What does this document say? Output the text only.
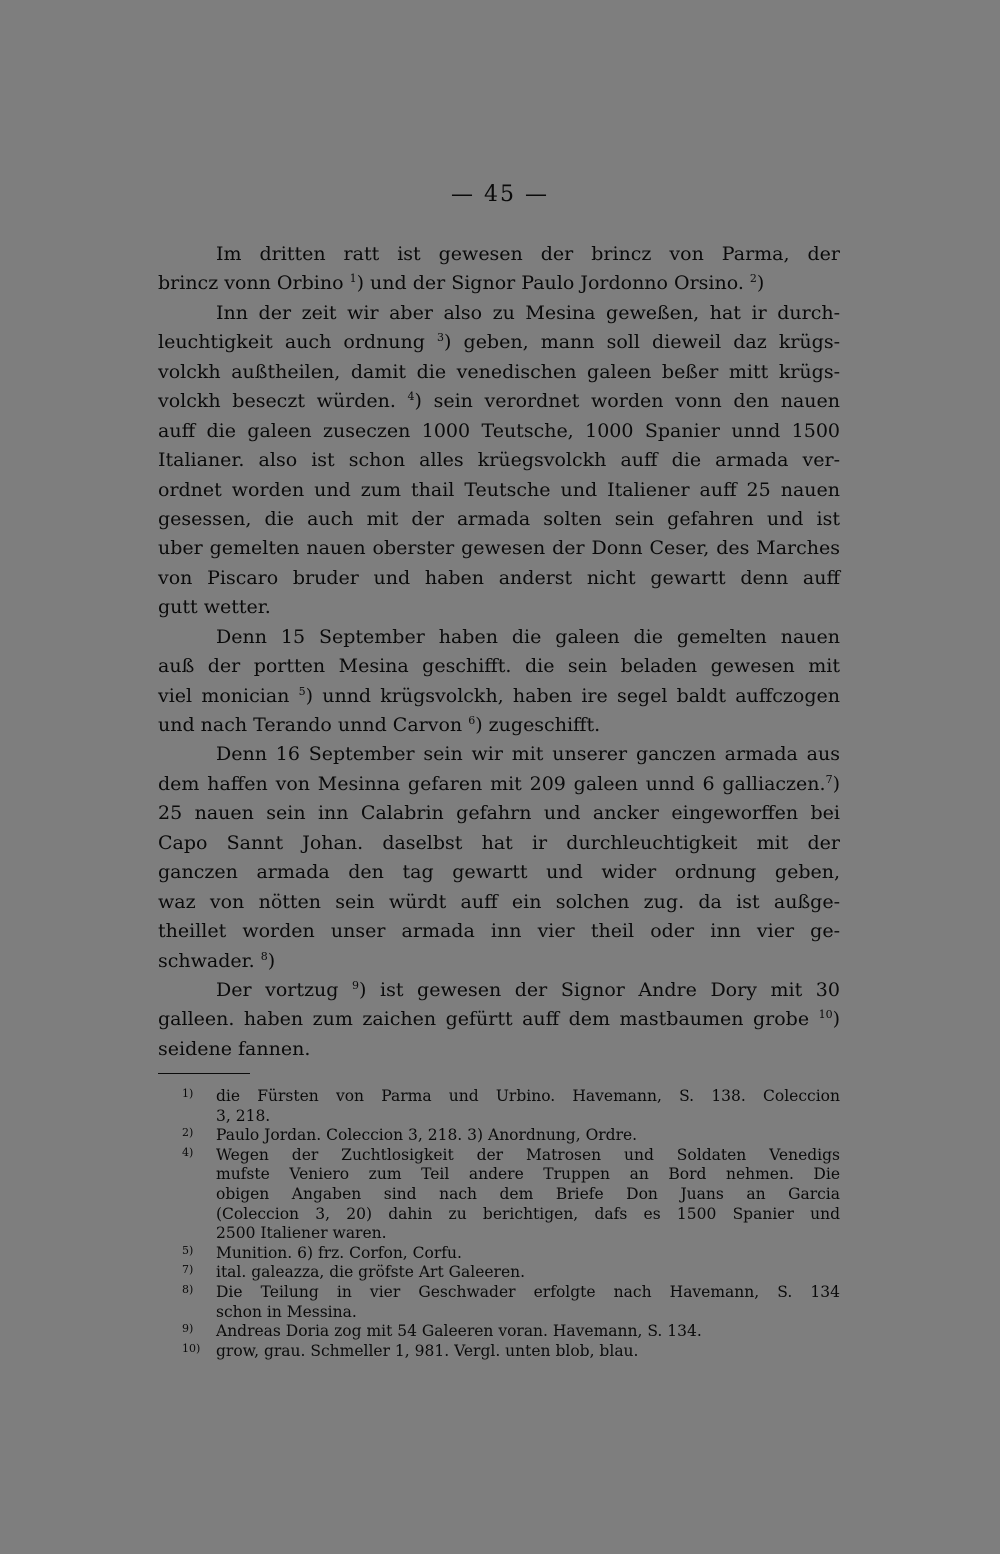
— 45 —
Im dritten ratt ist gewesen der brincz von Parma, der
brincz vonn Orbino $^1$) und der Signor Paulo Jordonno Orsino. $^2$)
Inn der zeit wir aber also zu Mesina geweßen, hat ir durch-
leuchtigkeit auch ordnung $^3$) geben, mann soll dieweil daz krügs-
volckh außtheilen, damit die venedischen galeen beßer mitt krügs-
volckh beseczt würden. $^4$) sein verordnet worden vonn den nauen
auff die galeen zuseczen 1000 Teutsche, 1000 Spanier unnd 1500
Italianer. also ist schon alles krüegsvolckh auff die armada ver-
ordnet worden und zum thail Teutsche und Italiener auff 25 nauen
gesessen, die auch mit der armada solten sein gefahren und ist
uber gemelten nauen oberster gewesen der Donn Ceser, des Marches
von Piscaro bruder und haben anderst nicht gewartt denn auff
gutt wetter.
Denn 15 September haben die galeen die gemelten nauen
auß der portten Mesina geschifft. die sein beladen gewesen mit
viel monician $^5$) unnd krügsvolckh, haben ire segel baldt auffczogen
und nach Terando unnd Carvon $^6$) zugeschifft.
Denn 16 September sein wir mit unserer ganczen armada aus
dem haffen von Mesinna gefaren mit 209 galeen unnd 6 galliaczen.$^7$)
25 nauen sein inn Calabrin gefahrn und ancker eingeworffen bei
Capo Sannt Johan. daselbst hat ir durchleuchtigkeit mit der
ganczen armada den tag gewartt und wider ordnung geben,
waz von nötten sein würdt auff ein solchen zug. da ist außge-
theillet worden unser armada inn vier theil oder inn vier ge-
schwader. $^8$)
Der vortzug $^9$) ist gewesen der Signor Andre Dory mit 30
galleen. haben zum zaichen gefürtt auff dem mastbaumen grobe $^{10}$)
seidene fannen.
1) die Fürsten von Parma und Urbino. Havemann, S. 138. Coleccion
3, 218.
2) Paulo Jordan. Coleccion 3, 218. 3) Anordnung, Ordre.
4) Wegen der Zuchtlosigkeit der Matrosen und Soldaten Venedigs
mufste Veniero zum Teil andere Truppen an Bord nehmen. Die
obigen Angaben sind nach dem Briefe Don Juans an Garcia
(Coleccion 3, 20) dahin zu berichtigen, dafs es 1500 Spanier und
2500 Italiener waren.
5) Munition. 6) frz. Corfon, Corfu.
7) ital. galeazza, die gröfste Art Galeeren.
8) Die Teilung in vier Geschwader erfolgte nach Havemann, S. 134
schon in Messina.
9) Andreas Doria zog mit 54 Galeeren voran. Havemann, S. 134.
10) grow, grau. Schmeller 1, 981. Vergl. unten blob, blau.
